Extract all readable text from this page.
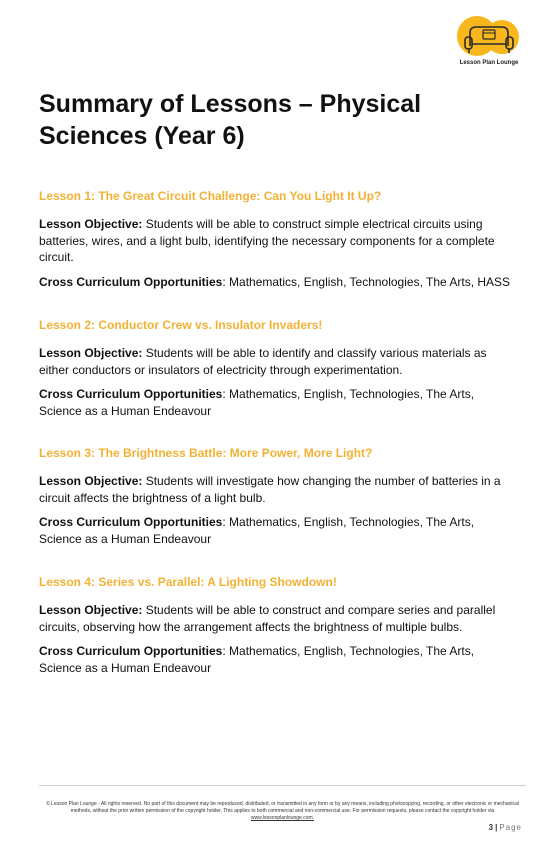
Lesson Plan Lounge
Summary of Lessons – Physical Sciences (Year 6)

Lesson 1: The Great Circuit Challenge: Can You Light It Up?

Lesson Objective: Students will be able to construct simple electrical circuits using batteries, wires, and a light bulb, identifying the necessary components for a complete circuit.

Cross Curriculum Opportunities: Mathematics, English, Technologies, The Arts, HASS

Lesson 2: Conductor Crew vs. Insulator Invaders!

Lesson Objective: Students will be able to identify and classify various materials as either conductors or insulators of electricity through experimentation.

Cross Curriculum Opportunities: Mathematics, English, Technologies, The Arts, Science as a Human Endeavour

Lesson 3: The Brightness Battle: More Power, More Light?

Lesson Objective: Students will investigate how changing the number of batteries in a circuit affects the brightness of a light bulb.

Cross Curriculum Opportunities: Mathematics, English, Technologies, The Arts, Science as a Human Endeavour

Lesson 4: Series vs. Parallel: A Lighting Showdown!

Lesson Objective: Students will be able to construct and compare series and parallel circuits, observing how the arrangement affects the brightness of multiple bulbs.

Cross Curriculum Opportunities: Mathematics, English, Technologies, The Arts, Science as a Human Endeavour

© Lesson Plan Lounge - All rights reserved. No part of this document may be reproduced, distributed, or transmitted in any form or by any means, including photocopying, recording, or other electronic or mechanical methods, without the prior written permission of the copyright holder. This applies to both commercial and non-commercial use. For permission requests, please contact the copyright holder via
www.lessonplanlounge.com.
3 | Page
